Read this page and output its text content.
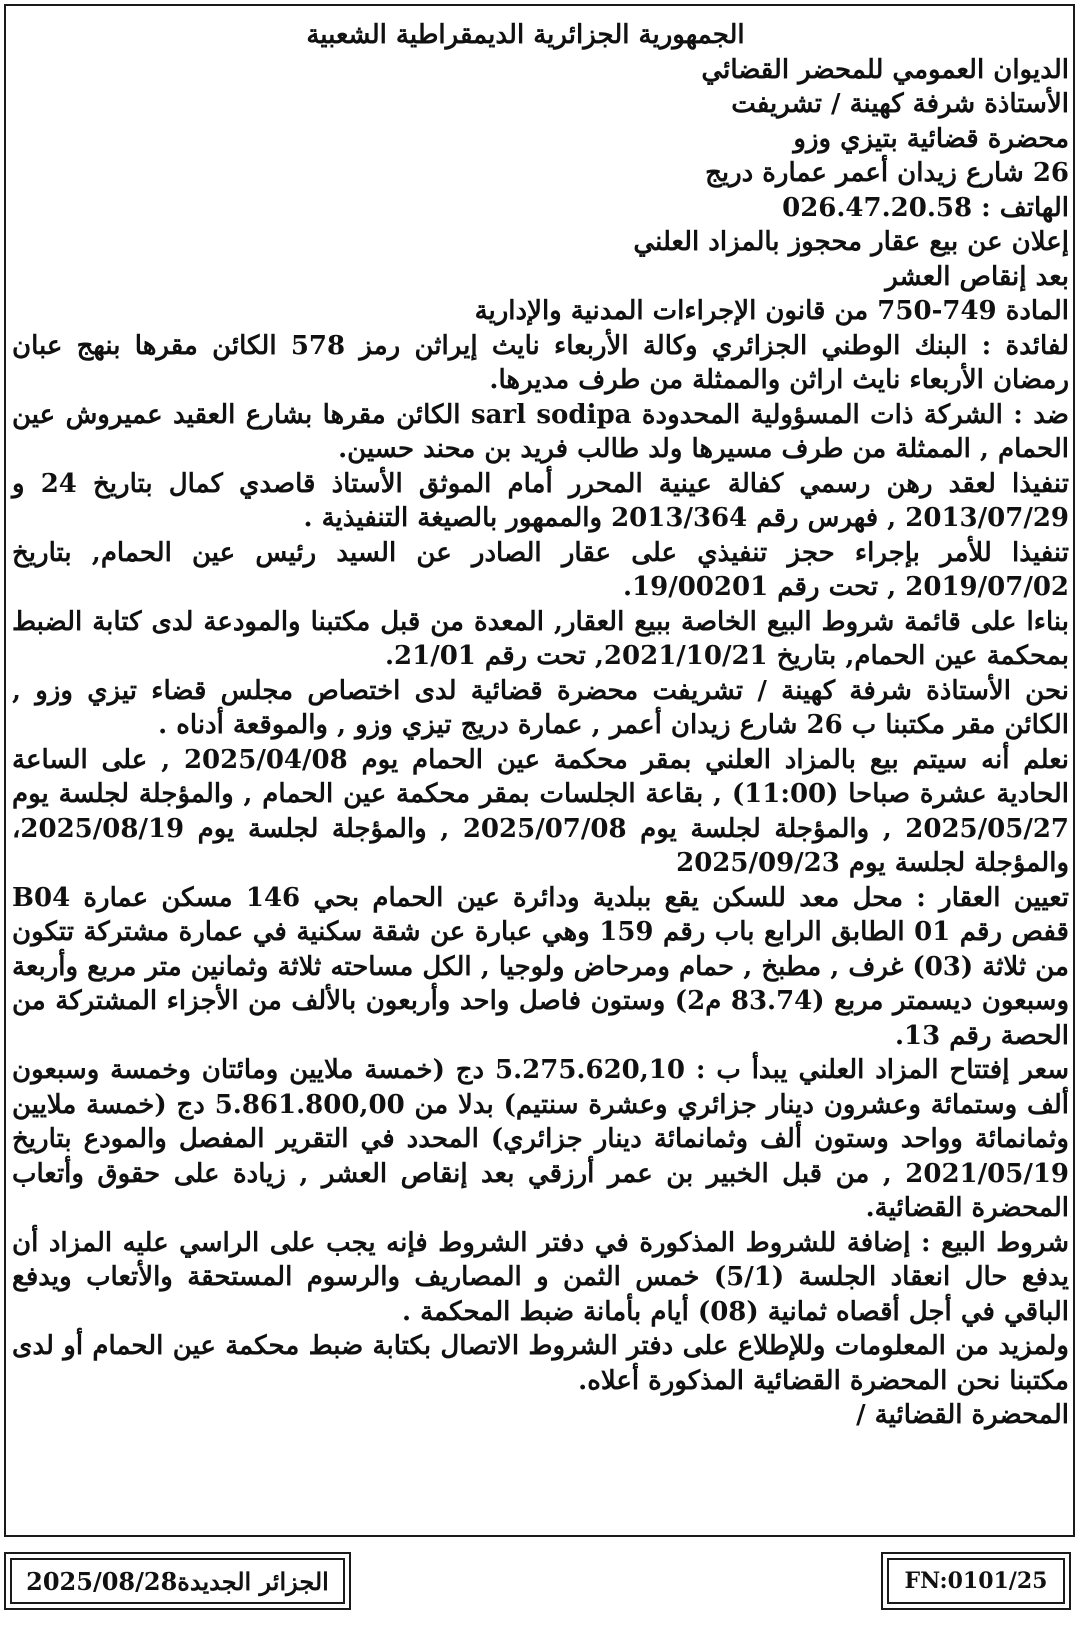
الجمهورية الجزائرية الديمقراطية الشعبية
الديوان العمومي للمحضر القضائي
الأستاذة شرفة كهينة / تشريفت
محضرة قضائية بتيزي وزو
26 شارع زيدان أعمر عمارة دريج
الهاتف : 026.47.20.58
إعلان عن بيع عقار محجوز بالمزاد العلني
بعد إنقاص العشر
المادة 749-750 من قانون الإجراءات المدنية والإدارية
لفائدة : البنك الوطني الجزائري وكالة الأربعاء نايث إيراثن رمز 578 الكائن مقرها بنهج عبان رمضان الأربعاء نايث اراثن والممثلة من طرف مديرها.
ضد : الشركة ذات المسؤولية المحدودة sarl sodipa الكائن مقرها بشارع العقيد عميروش عين الحمام , الممثلة من طرف مسيرها ولد طالب فريد بن محند حسين.
تنفيذا لعقد رهن رسمي كفالة عينية المحرر أمام الموثق الأستاذ قاصدي كمال بتاريخ 24 و 2013/07/29 , فهرس رقم 2013/364 والممهور بالصيغة التنفيذية .
تنفيذا للأمر بإجراء حجز تنفيذي على عقار الصادر عن السيد رئيس عين الحمام, بتاريخ 2019/07/02 , تحت رقم 19/00201.
بناءا على قائمة شروط البيع الخاصة ببيع العقار, المعدة من قبل مكتبنا والمودعة لدى كتابة الضبط بمحكمة عين الحمام, بتاريخ 2021/10/21, تحت رقم 21/01.
نحن الأستاذة شرفة كهينة / تشريفت محضرة قضائية لدى اختصاص مجلس قضاء تيزي وزو , الكائن مقر مكتبنا ب 26 شارع زيدان أعمر , عمارة دريج تيزي وزو , والموقعة أدناه .
نعلم أنه سيتم بيع بالمزاد العلني بمقر محكمة عين الحمام يوم 2025/04/08 , على الساعة الحادية عشرة صباحا (11:00) , بقاعة الجلسات بمقر محكمة عين الحمام , والمؤجلة لجلسة يوم 2025/05/27 , والمؤجلة لجلسة يوم 2025/07/08 , والمؤجلة لجلسة يوم 2025/08/19، والمؤجلة لجلسة يوم 2025/09/23
تعيين العقار : محل معد للسكن يقع ببلدية ودائرة عين الحمام بحي 146 مسكن عمارة B04 قفص رقم 01 الطابق الرابع باب رقم 159 وهي عبارة عن شقة سكنية في عمارة مشتركة تتكون من ثلاثة (03) غرف , مطبخ , حمام ومرحاض ولوجيا , الكل مساحته ثلاثة وثمانين متر مربع وأربعة وسبعون ديسمتر مربع (83.74 م2) وستون فاصل واحد وأربعون بالألف من الأجزاء المشتركة من الحصة رقم 13.
سعر إفتتاح المزاد العلني يبدأ ب : 5.275.620,10 دج (خمسة ملايين ومائتان وخمسة وسبعون ألف وستمائة وعشرون دينار جزائري وعشرة سنتيم) بدلا من 5.861.800,00 دج (خمسة ملايين وثمانمائة وواحد وستون ألف وثمانمائة دينار جزائري) المحدد في التقرير المفصل والمودع بتاريخ 2021/05/19 , من قبل الخبير بن عمر أرزقي بعد إنقاص العشر , زيادة على حقوق وأتعاب المحضرة القضائية.
شروط البيع : إضافة للشروط المذكورة في دفتر الشروط فإنه يجب على الراسي عليه المزاد أن يدفع حال انعقاد الجلسة (5/1) خمس الثمن و المصاريف والرسوم المستحقة والأتعاب ويدفع الباقي في أجل أقصاه ثمانية (08) أيام بأمانة ضبط المحكمة .
ولمزيد من المعلومات وللإطلاع على دفتر الشروط الاتصال بكتابة ضبط محكمة عين الحمام أو لدى مكتبنا نحن المحضرة القضائية المذكورة أعلاه.
المحضرة القضائية /
الجزائر الجديدة2025/08/28	FN:0101/25
